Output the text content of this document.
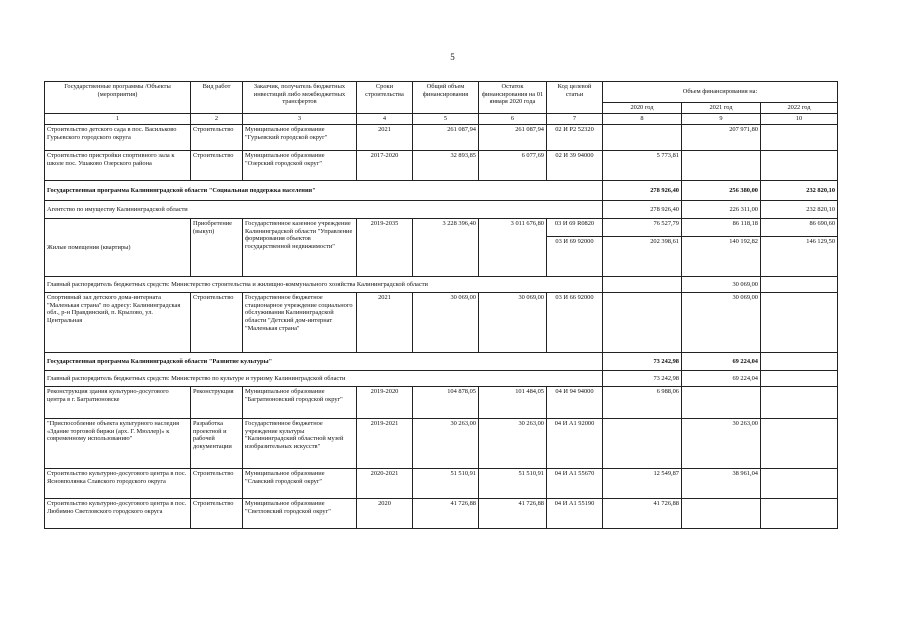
5
Государственные программы /Объекты (мероприятия)	Вид работ	Заказчик, получатель бюджетных инвестиций либо межбюджетных трансфертов	Сроки строительства	Общий объем финансирования	Остаток финансирования на 01 января 2020 года	Код целевой статьи	Объем финансирования на:		
							2020 год	2021 год	2022 год
1	2	3	4	5	6	7	8	9	10
Строительство детского сада в пос. Васильково Гурьевского городского округа	Строительство	Муниципальное образование "Гурьевский городской округ"	2021	261 087,94	261 087,94	02 И Р2 52320		207 971,80	
Строительство пристройки спортивного зала к школе пос. Ушаково Озерского района	Строительство	Муниципальное образование "Озерский городской округ"	2017-2020	32 893,85	6 077,69	02 И 39 94000	5 773,81		
Государственная программа Калининградской области "Социальная поддержка населения"							278 926,40	256 380,00	232 820,10
Агентство по имуществу Калининградской области							278 926,40	226 311,00	232 820,10
Жилые помещения (квартиры)	Приобретение (выкуп)	Государственное казенное учреждение Калининградской области "Управление формирования объектов государственной недвижимости"	2019-2035	3 228 396,40	3 011 676,80	03 И 69 R0820	76 527,79	86 118,18	86 690,60
						03 И 69 92000	202 398,61	140 192,82	146 129,50
Главный распорядитель бюджетных средств: Министерство строительства и жилищно-коммунального хозяйства Калининградской области								30 069,00	
Спортивный зал детского дома-интерната "Маленькая страна" по адресу: Калининградская обл., р-н Правдинский, п. Крылово, ул. Центральная	Строительство	Государственное бюджетное стационарное учреждение социального обслуживания Калининградской области "Детский дом-интернат "Маленькая страна"	2021	30 069,00	30 069,00	03 И 66 92000		30 069,00	
Государственная программа Калининградской области "Развитие культуры"							73 242,98	69 224,04	
Главный распорядитель бюджетных средств: Министерство по культуре и туризму Калининградской области							73 242,98	69 224,04	
Реконструкция здания культурно-досугового центра в г. Багратионовске	Реконструкция	Муниципальное образование "Багратионовский городской округ"	2019-2020	104 878,05	101 484,05	04 И 94 94000	6 988,06		
"Приспособление объекта культурного наследия «Здание торговой биржи (арх. Г. Мюллер)» к современному использованию"	Разработка проектной и рабочей документации	Государственное бюджетное учреждение культуры "Калининградский областной музей изобразительных искусств"	2019-2021	30 263,00	30 263,00	04 И А1 92000		30 263,00	
Строительство культурно-досугового центра в пос. Ясновполянка Славского городского округа	Строительство	Муниципальное образование "Славский городской округ"	2020-2021	51 510,91	51 510,91	04 И А1 55670	12 549,87	38 961,04	
Строительство культурно-досугового центра в пос. Любимно Светловского городского округа	Строительство	Муниципальное образование "Светловский городской округ"	2020	41 726,88	41 726,88	04 И А1 55190	41 726,88		
